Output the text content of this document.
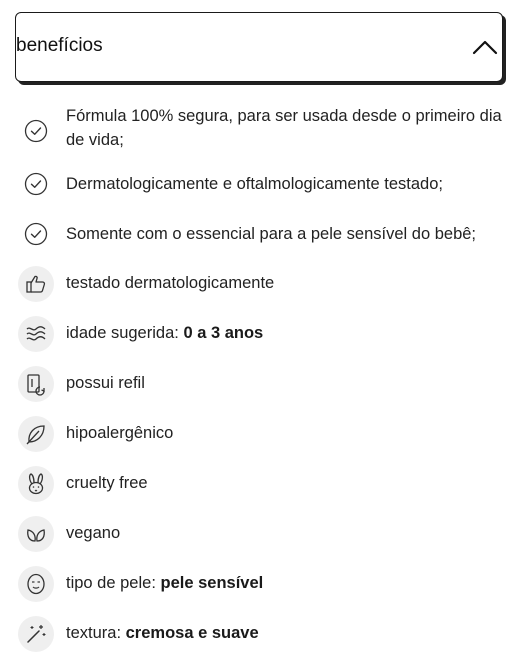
benefícios
Fórmula 100% segura, para ser usada desde o primeiro dia de vida;
Dermatologicamente e oftalmologicamente testado;
Somente com o essencial para a pele sensível do bebê;
testado dermatologicamente
idade sugerida: 0 a 3 anos
possui refil
hipoalergênico
cruelty free
vegano
tipo de pele: pele sensível
textura: cremosa e suave
